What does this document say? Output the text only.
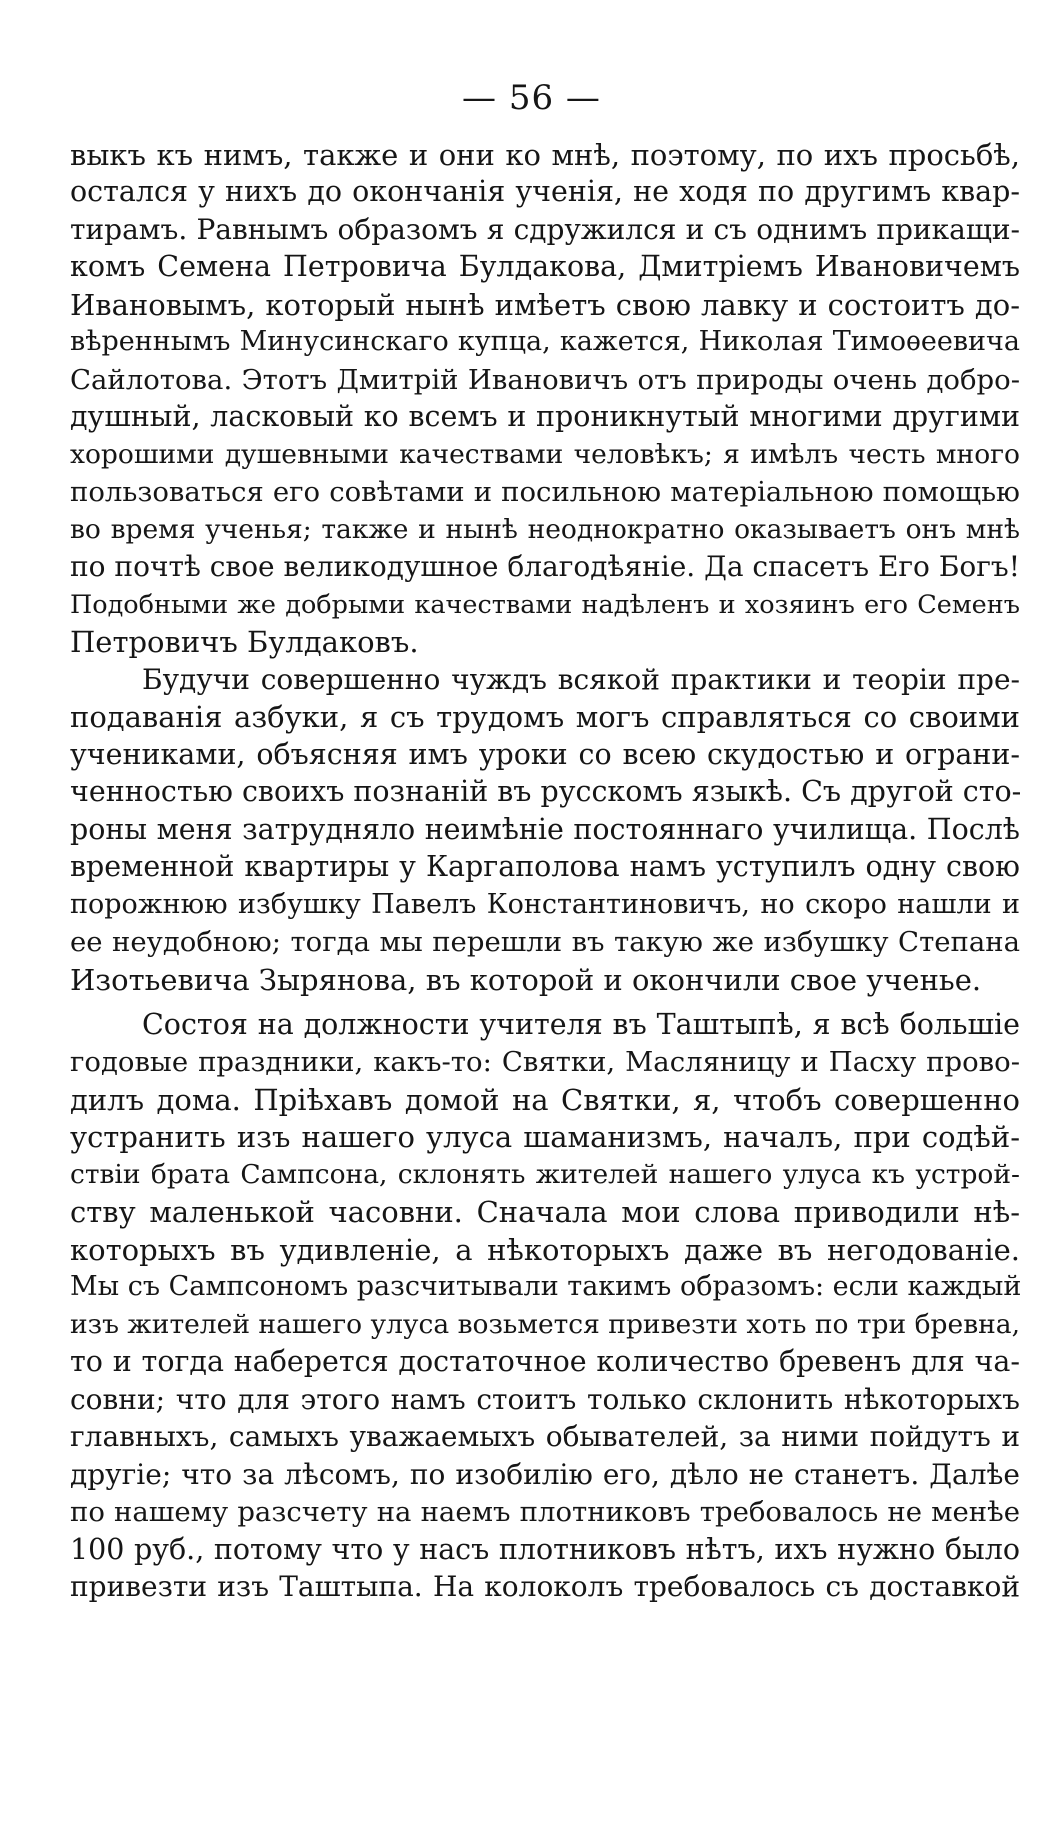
— 56 —
выкъ къ нимъ, также и они ко мнѣ, поэтому, по ихъ просьбѣ,
остался у нихъ до окончанія ученія, не ходя по другимъ квар-
тирамъ. Равнымъ образомъ я сдружился и съ однимъ прикащи-
комъ Семена Петровича Булдакова, Дмитріемъ Ивановичемъ
Ивановымъ, который нынѣ имѣетъ свою лавку и состоитъ до-
вѣреннымъ Минусинскаго купца, кажется, Николая Тимоѳеевича
Сайлотова. Этотъ Дмитрій Ивановичъ отъ природы очень добро-
душный, ласковый ко всемъ и проникнутый многими другими
хорошими душевными качествами человѣкъ; я имѣлъ честь много
пользоваться его совѣтами и посильною матеріальною помощью
во время ученья; также и нынѣ неоднократно оказываетъ онъ мнѣ
по почтѣ свое великодушное благодѣяніе. Да спасетъ Его Богъ!
Подобными же добрыми качествами надѣленъ и хозяинъ его Семенъ
Петровичъ Булдаковъ.
Будучи совершенно чуждъ всякой практики и теоріи пре-
подаванія азбуки, я съ трудомъ могъ справляться со своими
учениками, объясняя имъ уроки со всею скудостью и ограни-
ченностью своихъ познаній въ русскомъ языкѣ. Съ другой сто-
роны меня затрудняло неимѣніе постояннаго училища. Послѣ
временной квартиры у Каргаполова намъ уступилъ одну свою
порожнюю избушку Павелъ Константиновичъ, но скоро нашли и
ее неудобною; тогда мы перешли въ такую же избушку Степана
Изотьевича Зырянова, въ которой и окончили свое ученье.
Состоя на должности учителя въ Таштыпѣ, я всѣ большіе
годовые праздники, какъ-то: Святки, Масляницу и Пасху прово-
дилъ дома. Пріѣхавъ домой на Святки, я, чтобъ совершенно
устранить изъ нашего улуса шаманизмъ, началъ, при содѣй-
ствіи брата Сампсона, склонять жителей нашего улуса къ устрой-
ству маленькой часовни. Сначала мои слова приводили нѣ-
которыхъ въ удивленіе, а нѣкоторыхъ даже въ негодованіе.
Мы съ Сампсономъ разсчитывали такимъ образомъ: если каждый
изъ жителей нашего улуса возьмется привезти хоть по три бревна,
то и тогда наберется достаточное количество бревенъ для ча-
совни; что для этого намъ стоитъ только склонить нѣкоторыхъ
главныхъ, самыхъ уважаемыхъ обывателей, за ними пойдутъ и
другіе; что за лѣсомъ, по изобилію его, дѣло не станетъ. Далѣе
по нашему разсчету на наемъ плотниковъ требовалось не менѣе
100 руб., потому что у насъ плотниковъ нѣтъ, ихъ нужно было
привезти изъ Таштыпа. На колоколъ требовалось съ доставкой
